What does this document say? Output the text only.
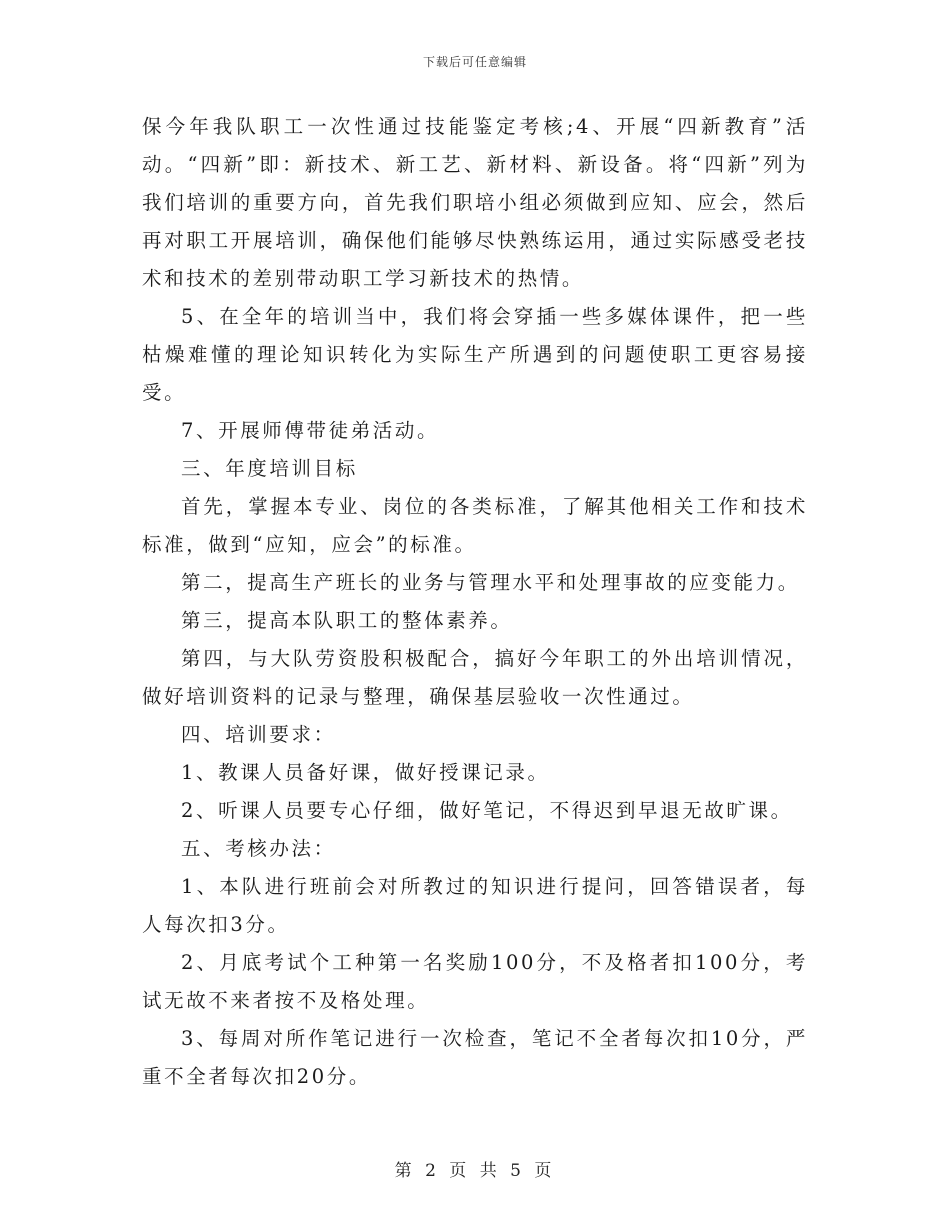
下载后可任意编辑

保今年我队职工一次性通过技能鉴定考核;4、开展“四新教育”活动。“四新”即：新技术、新工艺、新材料、新设备。将“四新”列为我们培训的重要方向，首先我们职培小组必须做到应知、应会，然后再对职工开展培训，确保他们能够尽快熟练运用，通过实际感受老技术和技术的差别带动职工学习新技术的热情。

5、在全年的培训当中，我们将会穿插一些多媒体课件，把一些枯燥难懂的理论知识转化为实际生产所遇到的问题使职工更容易接受。

7、开展师傅带徒弟活动。

三、年度培训目标

首先，掌握本专业、岗位的各类标准，了解其他相关工作和技术标准，做到“应知，应会”的标准。

第二，提高生产班长的业务与管理水平和处理事故的应变能力。

第三，提高本队职工的整体素养。

第四，与大队劳资股积极配合，搞好今年职工的外出培训情况，做好培训资料的记录与整理，确保基层验收一次性通过。

四、培训要求：

1、教课人员备好课，做好授课记录。

2、听课人员要专心仔细，做好笔记，不得迟到早退无故旷课。

五、考核办法：

1、本队进行班前会对所教过的知识进行提问，回答错误者，每人每次扣3分。

2、月底考试个工种第一名奖励100分，不及格者扣100分，考试无故不来者按不及格处理。

3、每周对所作笔记进行一次检查，笔记不全者每次扣10分，严重不全者每次扣20分。

第 2 页 共 5 页
